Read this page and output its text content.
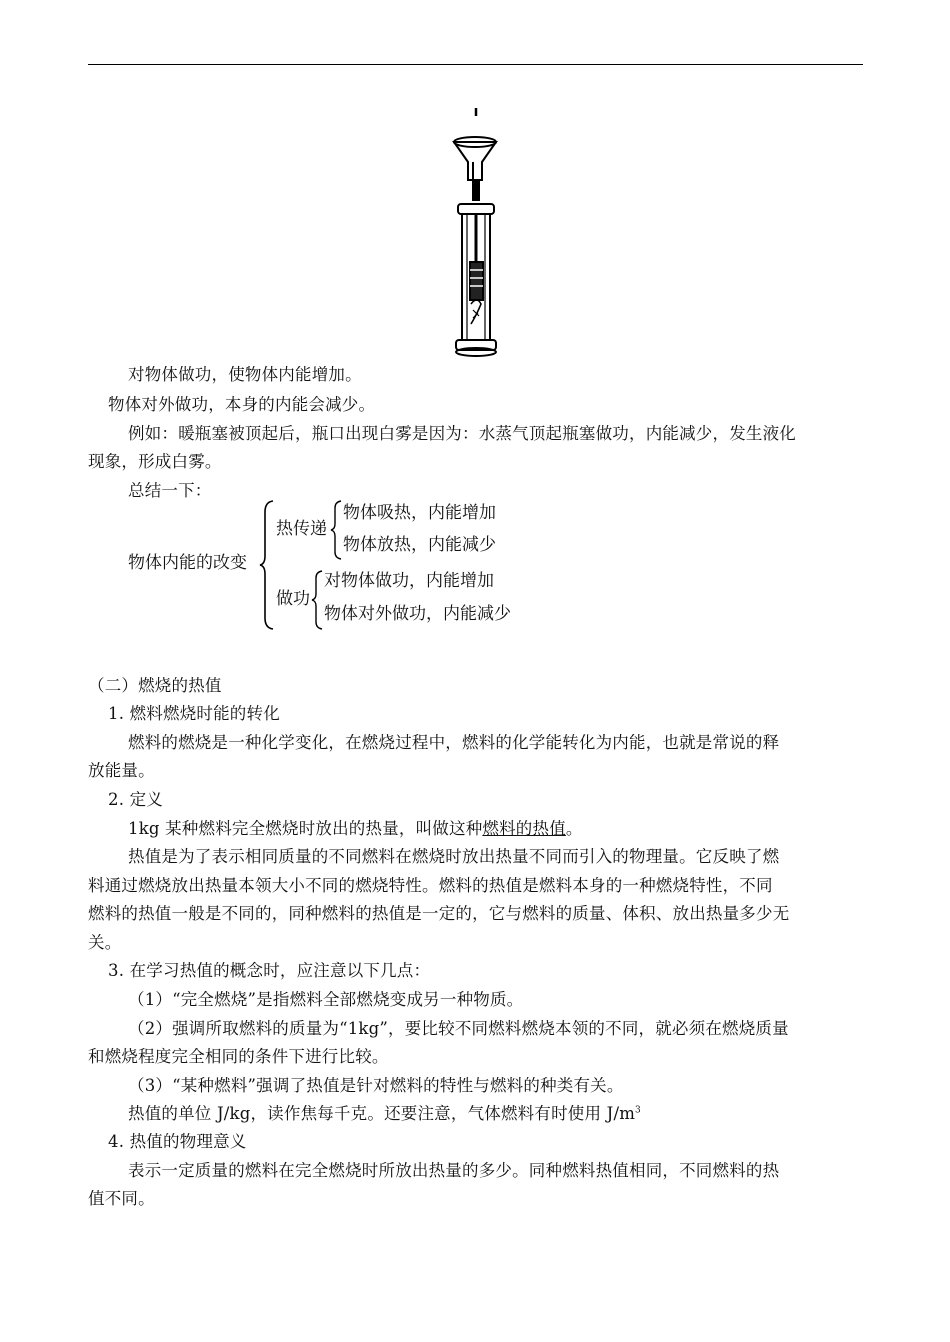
对物体做功，使物体内能增加。
物体对外做功，本身的内能会减少。
例如：暖瓶塞被顶起后，瓶口出现白雾是因为：水蒸气顶起瓶塞做功，内能减少，发生液化
现象，形成白雾。
总结一下：
物体内能的改变
热传递
物体吸热，内能增加
物体放热，内能减少
做功
对物体做功，内能增加
物体对外做功，内能减少
（二）燃烧的热值
1. 燃料燃烧时能的转化
燃料的燃烧是一种化学变化，在燃烧过程中，燃料的化学能转化为内能，也就是常说的释
放能量。
2. 定义
1kg 某种燃料完全燃烧时放出的热量，叫做这种燃料的热值。
热值是为了表示相同质量的不同燃料在燃烧时放出热量不同而引入的物理量。它反映了燃
料通过燃烧放出热量本领大小不同的燃烧特性。燃料的热值是燃料本身的一种燃烧特性，不同
燃料的热值一般是不同的，同种燃料的热值是一定的，它与燃料的质量、体积、放出热量多少无
关。
3. 在学习热值的概念时，应注意以下几点：
（1）“完全燃烧”是指燃料全部燃烧变成另一种物质。
（2）强调所取燃料的质量为“1kg”，要比较不同燃料燃烧本领的不同，就必须在燃烧质量
和燃烧程度完全相同的条件下进行比较。
（3）“某种燃料”强调了热值是针对燃料的特性与燃料的种类有关。
热值的单位 J/kg，读作焦每千克。还要注意，气体燃料有时使用 $J/m^3$
4. 热值的物理意义
表示一定质量的燃料在完全燃烧时所放出热量的多少。同种燃料热值相同，不同燃料的热
值不同。
